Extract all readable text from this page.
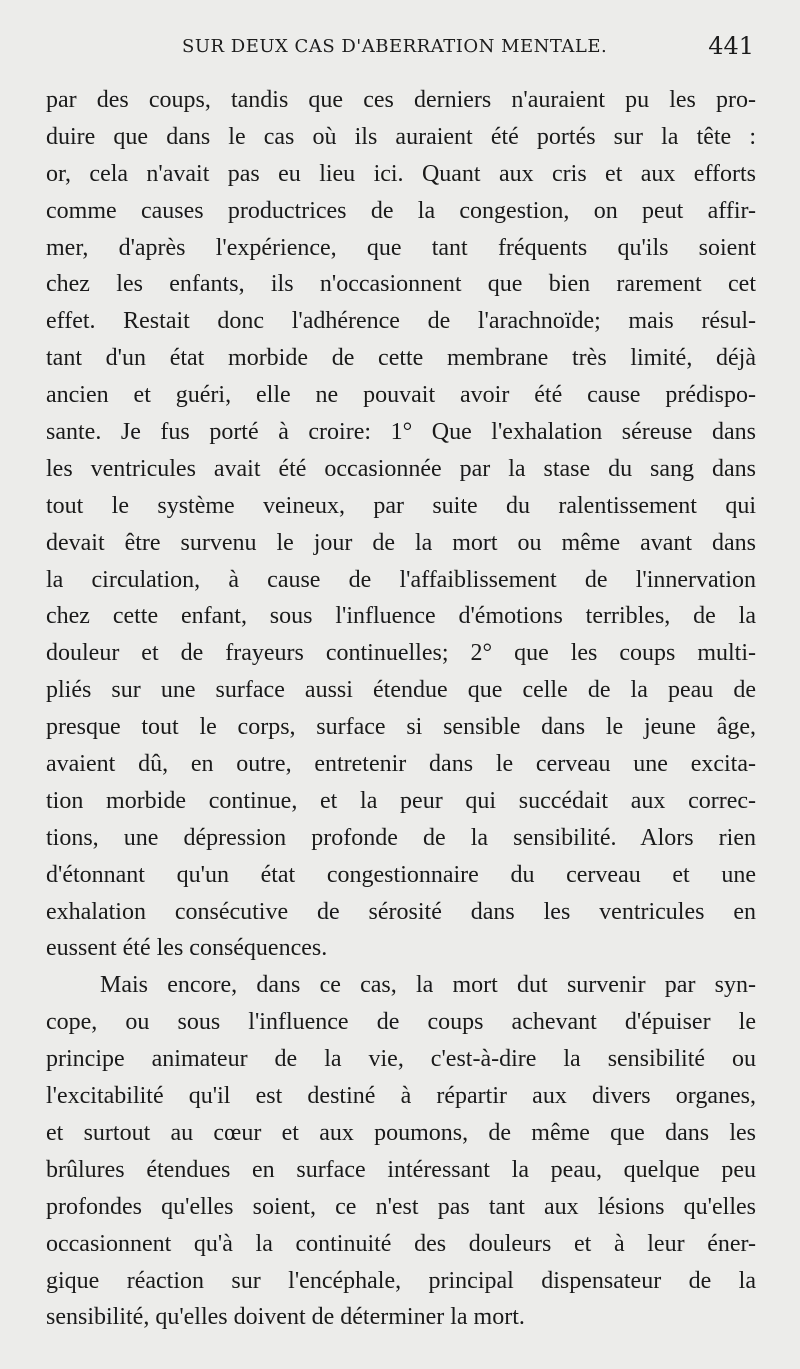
SUR DEUX CAS D'ABERRATION MENTALE.	441
par des coups, tandis que ces derniers n'auraient pu les pro-
duire que dans le cas où ils auraient été portés sur la tête :
or, cela n'avait pas eu lieu ici. Quant aux cris et aux efforts
comme causes productrices de la congestion, on peut affir-
mer, d'après l'expérience, que tant fréquents qu'ils soient
chez les enfants, ils n'occasionnent que bien rarement cet
effet. Restait donc l'adhérence de l'arachnoïde; mais résul-
tant d'un état morbide de cette membrane très limité, déjà
ancien et guéri, elle ne pouvait avoir été cause prédispo-
sante. Je fus porté à croire: 1° Que l'exhalation séreuse dans
les ventricules avait été occasionnée par la stase du sang dans
tout le système veineux, par suite du ralentissement qui
devait être survenu le jour de la mort ou même avant dans
la circulation, à cause de l'affaiblissement de l'innervation
chez cette enfant, sous l'influence d'émotions terribles, de la
douleur et de frayeurs continuelles; 2° que les coups multi-
pliés sur une surface aussi étendue que celle de la peau de
presque tout le corps, surface si sensible dans le jeune âge,
avaient dû, en outre, entretenir dans le cerveau une excita-
tion morbide continue, et la peur qui succédait aux correc-
tions, une dépression profonde de la sensibilité. Alors rien
d'étonnant qu'un état congestionnaire du cerveau et une
exhalation consécutive de sérosité dans les ventricules en
eussent été les conséquences.
Mais encore, dans ce cas, la mort dut survenir par syn-
cope, ou sous l'influence de coups achevant d'épuiser le
principe animateur de la vie, c'est-à-dire la sensibilité ou
l'excitabilité qu'il est destiné à répartir aux divers organes,
et surtout au cœur et aux poumons, de même que dans les
brûlures étendues en surface intéressant la peau, quelque peu
profondes qu'elles soient, ce n'est pas tant aux lésions qu'elles
occasionnent qu'à la continuité des douleurs et à leur éner-
gique réaction sur l'encéphale, principal dispensateur de la
sensibilité, qu'elles doivent de déterminer la mort.
